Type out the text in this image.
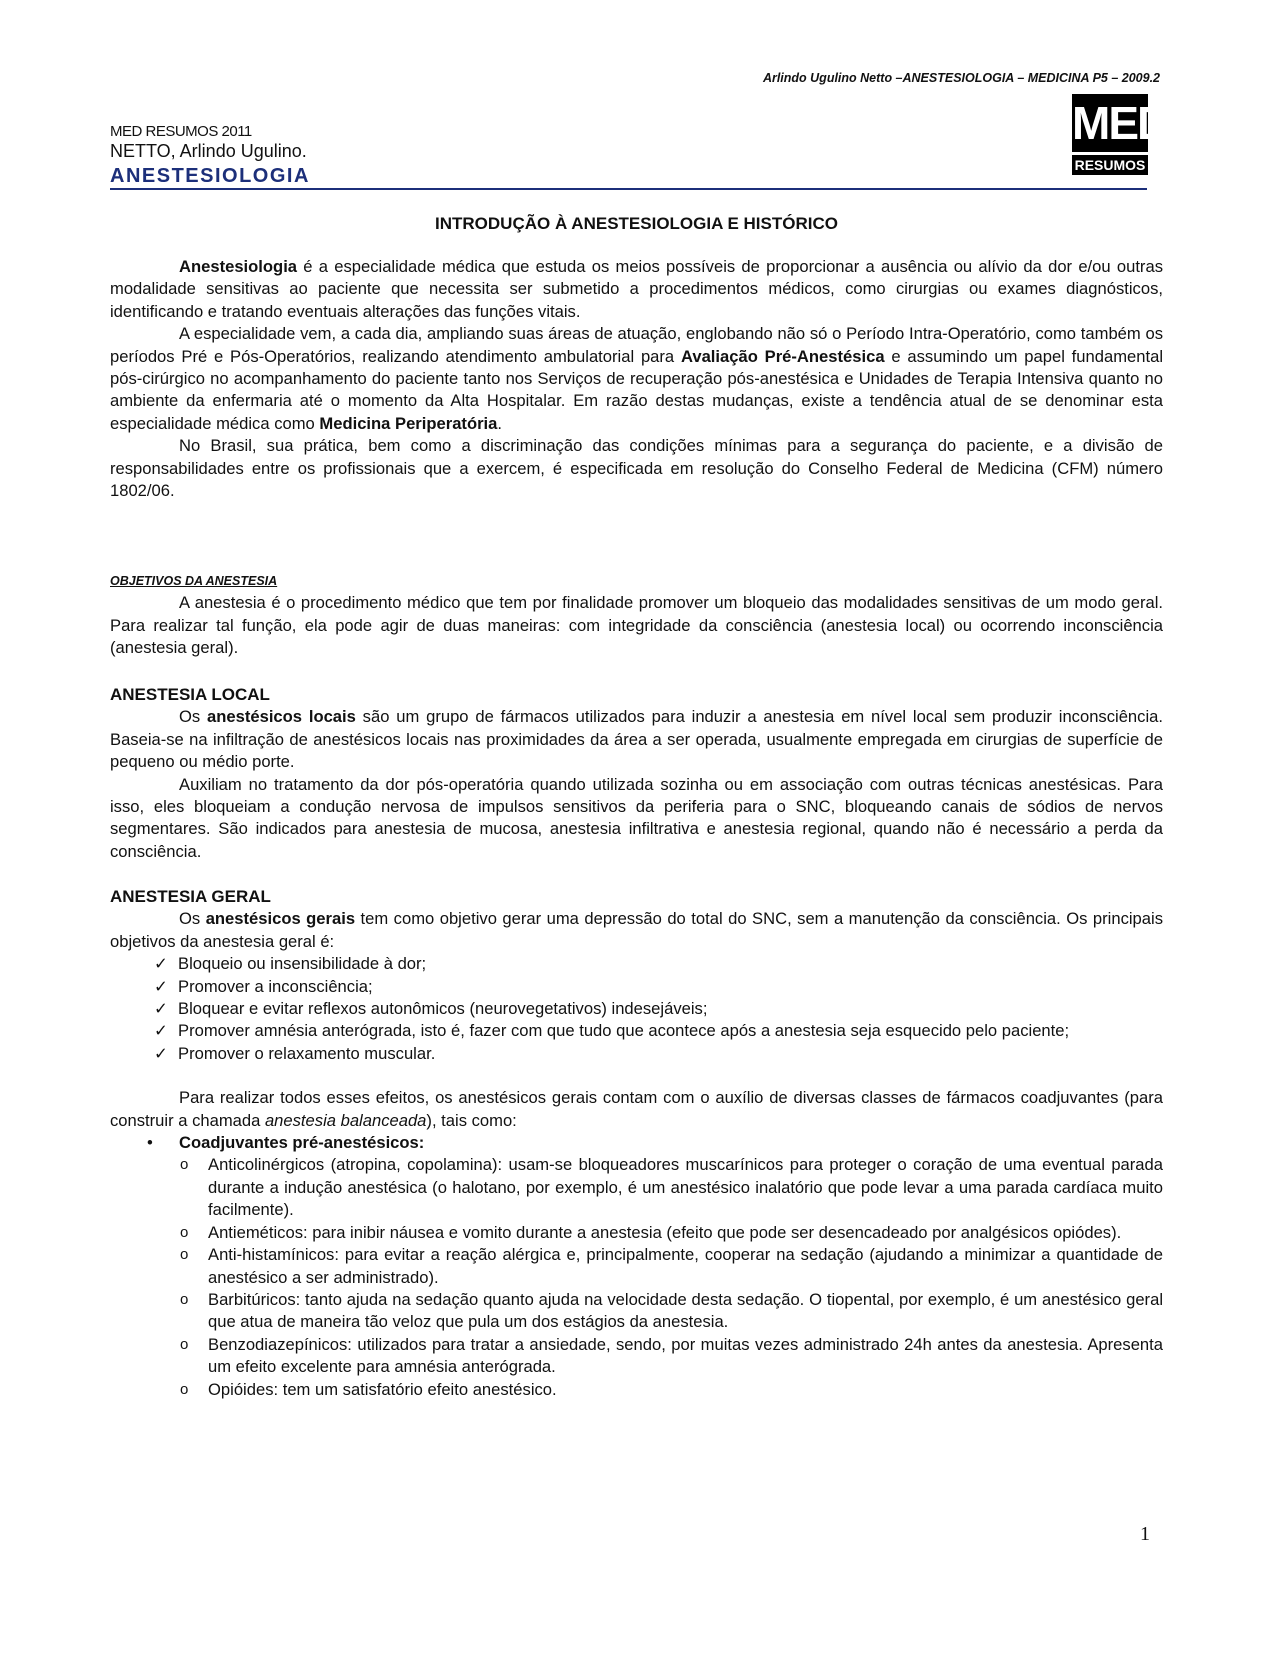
Arlindo Ugulino Netto –ANESTESIOLOGIA – MEDICINA P5 – 2009.2
MED RESUMOS 2011
NETTO, Arlindo Ugulino.
ANESTESIOLOGIA
MED
RESUMOS
INTRODUÇÃO À ANESTESIOLOGIA E HISTÓRICO

Anestesiologia é a especialidade médica que estuda os meios possíveis de proporcionar a ausência ou alívio da dor e/ou outras modalidade sensitivas ao paciente que necessita ser submetido a procedimentos médicos, como cirurgias ou exames diagnósticos, identificando e tratando eventuais alterações das funções vitais.

A especialidade vem, a cada dia, ampliando suas áreas de atuação, englobando não só o Período Intra-Operatório, como também os períodos Pré e Pós-Operatórios, realizando atendimento ambulatorial para Avaliação Pré-Anestésica e assumindo um papel fundamental pós-cirúrgico no acompanhamento do paciente tanto nos Serviços de recuperação pós-anestésica e Unidades de Terapia Intensiva quanto no ambiente da enfermaria até o momento da Alta Hospitalar. Em razão destas mudanças, existe a tendência atual de se denominar esta especialidade médica como Medicina Periperatória.

No Brasil, sua prática, bem como a discriminação das condições mínimas para a segurança do paciente, e a divisão de responsabilidades entre os profissionais que a exercem, é especificada em resolução do Conselho Federal de Medicina (CFM) número 1802/06.

OBJETIVOS DA ANESTESIA

A anestesia é o procedimento médico que tem por finalidade promover um bloqueio das modalidades sensitivas de um modo geral. Para realizar tal função, ela pode agir de duas maneiras: com integridade da consciência (anestesia local) ou ocorrendo inconsciência (anestesia geral).

ANESTESIA LOCAL

Os anestésicos locais são um grupo de fármacos utilizados para induzir a anestesia em nível local sem produzir inconsciência. Baseia-se na infiltração de anestésicos locais nas proximidades da área a ser operada, usualmente empregada em cirurgias de superfície de pequeno ou médio porte.

Auxiliam no tratamento da dor pós-operatória quando utilizada sozinha ou em associação com outras técnicas anestésicas. Para isso, eles bloqueiam a condução nervosa de impulsos sensitivos da periferia para o SNC, bloqueando canais de sódios de nervos segmentares. São indicados para anestesia de mucosa, anestesia infiltrativa e anestesia regional, quando não é necessário a perda da consciência.

ANESTESIA GERAL

Os anestésicos gerais tem como objetivo gerar uma depressão do total do SNC, sem a manutenção da consciência. Os principais objetivos da anestesia geral é:

✓ Bloqueio ou insensibilidade à dor;
✓ Promover a inconsciência;
✓ Bloquear e evitar reflexos autonômicos (neurovegetativos) indesejáveis;
✓ Promover amnésia anterógrada, isto é, fazer com que tudo que acontece após a anestesia seja esquecido pelo paciente;
✓ Promover o relaxamento muscular.

Para realizar todos esses efeitos, os anestésicos gerais contam com o auxílio de diversas classes de fármacos coadjuvantes (para construir a chamada anestesia balanceada), tais como:

• Coadjuvantes pré-anestésicos:

o Anticolinérgicos (atropina, copolamina): usam-se bloqueadores muscarínicos para proteger o coração de uma eventual parada durante a indução anestésica (o halotano, por exemplo, é um anestésico inalatório que pode levar a uma parada cardíaca muito facilmente).
o Antieméticos: para inibir náusea e vomito durante a anestesia (efeito que pode ser desencadeado por analgésicos opiódes).
o Anti-histamínicos: para evitar a reação alérgica e, principalmente, cooperar na sedação (ajudando a minimizar a quantidade de anestésico a ser administrado).
o Barbitúricos: tanto ajuda na sedação quanto ajuda na velocidade desta sedação. O tiopental, por exemplo, é um anestésico geral que atua de maneira tão veloz que pula um dos estágios da anestesia.
o Benzodiazepínicos: utilizados para tratar a ansiedade, sendo, por muitas vezes administrado 24h antes da anestesia. Apresenta um efeito excelente para amnésia anterógrada.
o Opióides: tem um satisfatório efeito anestésico.
1
